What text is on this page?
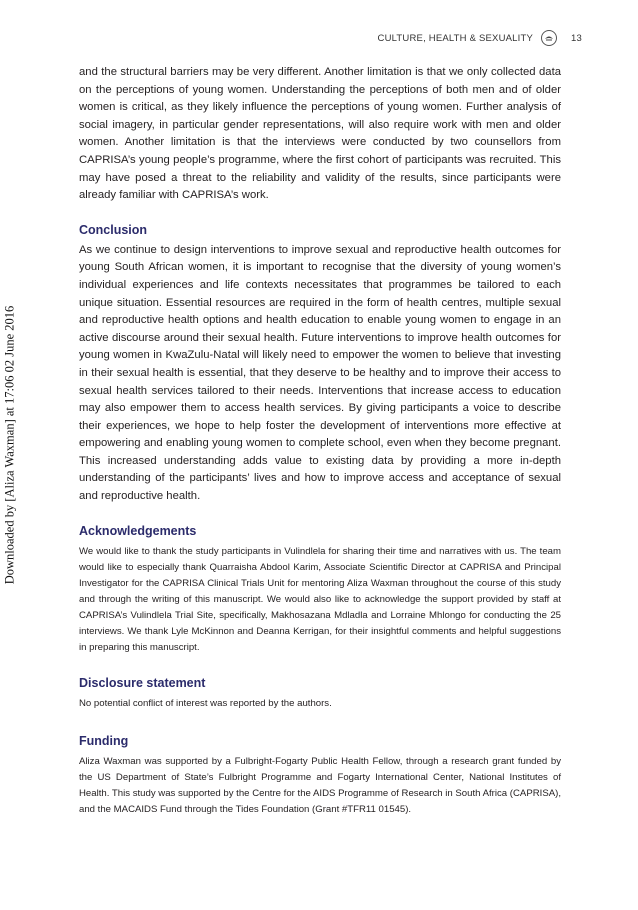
CULTURE, HEALTH & SEXUALITY	13
Downloaded by [Aliza Waxman] at 17:06 02 June 2016

and the structural barriers may be very different. Another limitation is that we only collected data on the perceptions of young women. Understanding the perceptions of both men and of older women is critical, as they likely influence the perceptions of young women. Further analysis of social imagery, in particular gender representations, will also require work with men and older women. Another limitation is that the interviews were conducted by two counsellors from CAPRISA’s young people’s programme, where the first cohort of participants was recruited. This may have posed a threat to the reliability and validity of the results, since participants were already familiar with CAPRISA’s work.

Conclusion

As we continue to design interventions to improve sexual and reproductive health outcomes for young South African women, it is important to recognise that the diversity of young women’s individual experiences and life contexts necessitates that programmes be tailored to each unique situation. Essential resources are required in the form of health centres, multiple sexual and reproductive health options and health education to enable young women to engage in an active discourse around their sexual health. Future interventions to improve health outcomes for young women in KwaZulu-Natal will likely need to empower the women to believe that investing in their sexual health is essential, that they deserve to be healthy and to improve their access to sexual health services tailored to their needs. Interventions that increase access to education may also empower them to access health services. By giving participants a voice to describe their experiences, we hope to help foster the development of interventions more effective at empowering and enabling young women to complete school, even when they become pregnant. This increased understanding adds value to existing data by providing a more in-depth understanding of the participants’ lives and how to improve access and acceptance of sexual and reproductive health.

Acknowledgements

We would like to thank the study participants in Vulindlela for sharing their time and narratives with us. The team would like to especially thank Quarraisha Abdool Karim, Associate Scientific Director at CAPRISA and Principal Investigator for the CAPRISA Clinical Trials Unit for mentoring Aliza Waxman throughout the course of this study and through the writing of this manuscript. We would also like to acknowledge the support provided by staff at CAPRISA’s Vulindlela Trial Site, specifically, Makhosazana Mdladla and Lorraine Mhlongo for conducting the 25 interviews. We thank Lyle McKinnon and Deanna Kerrigan, for their insightful comments and helpful suggestions in preparing this manuscript.

Disclosure statement

No potential conflict of interest was reported by the authors.

Funding

Aliza Waxman was supported by a Fulbright-Fogarty Public Health Fellow, through a research grant funded by the US Department of State’s Fulbright Programme and Fogarty International Center, National Institutes of Health. This study was supported by the Centre for the AIDS Programme of Research in South Africa (CAPRISA), and the MACAIDS Fund through the Tides Foundation (Grant #TFR11 01545).
